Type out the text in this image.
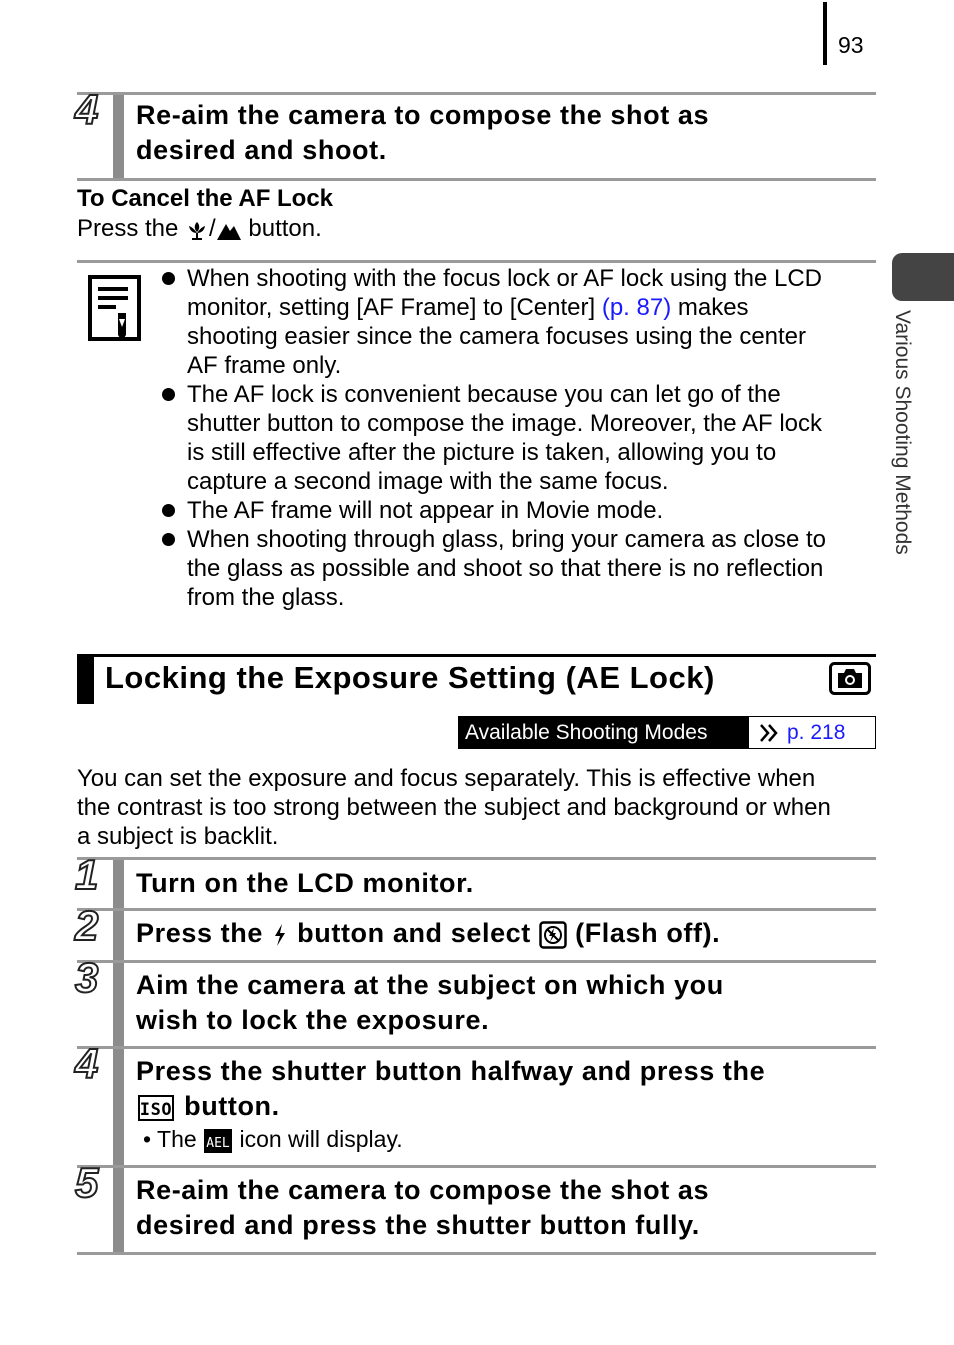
93
Various Shooting Methods
4 Re-aim the camera to compose the shot as
desired and shoot.
To Cancel the AF Lock
Press the / button.
When shooting with the focus lock or AF lock using the LCD
monitor, setting [AF Frame] to [Center] (p. 87) makes
shooting easier since the camera focuses using the center
AF frame only.
The AF lock is convenient because you can let go of the
shutter button to compose the image. Moreover, the AF lock
is still effective after the picture is taken, allowing you to
capture a second image with the same focus.
The AF frame will not appear in Movie mode.
When shooting through glass, bring your camera as close to
the glass as possible and shoot so that there is no reflection
from the glass.
Locking the Exposure Setting (AE Lock)
Available Shooting Modes	p. 218
You can set the exposure and focus separately. This is effective when
the contrast is too strong between the subject and background or when
a subject is backlit.
1 Turn on the LCD monitor.
2 Press the  button and select  (Flash off).
3 Aim the camera at the subject on which you
wish to lock the exposure.
4 Press the shutter button halfway and press the
ISO button.
• The AEL icon will display.
5 Re-aim the camera to compose the shot as
desired and press the shutter button fully.
